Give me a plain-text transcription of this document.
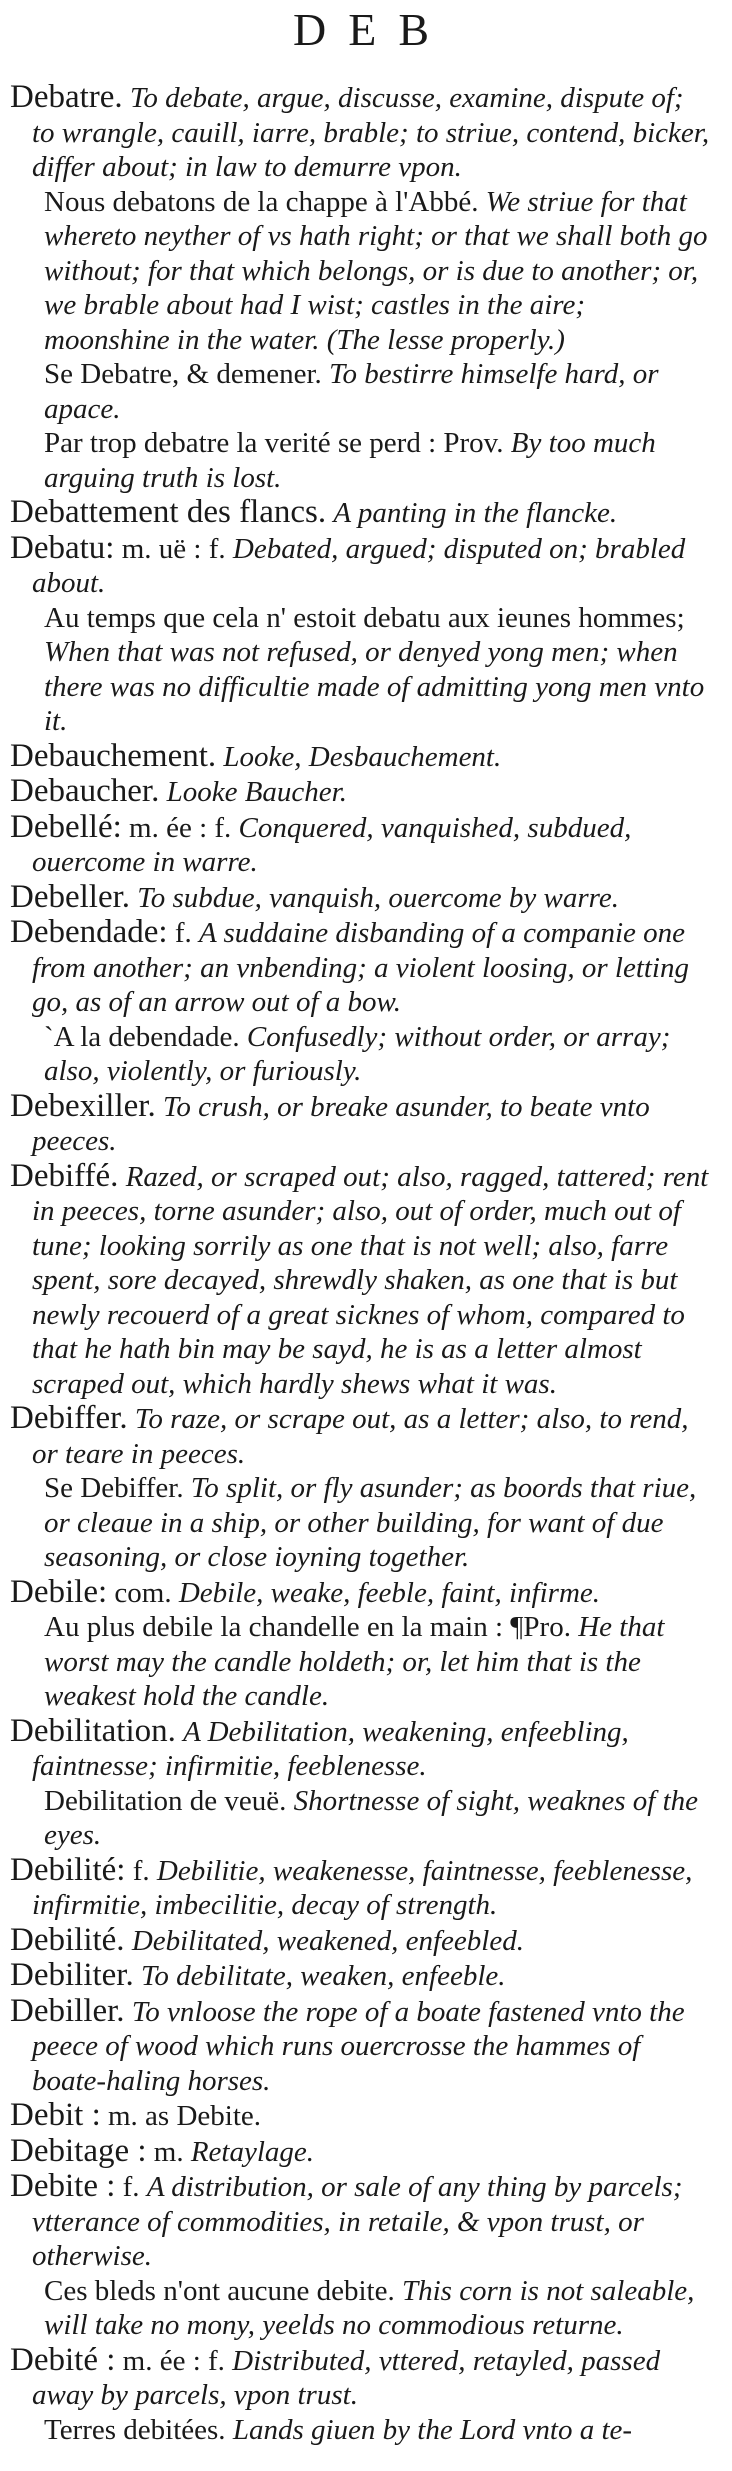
DEB

Debatre. To debate, argue, discusse, examine, dispute of; to wrangle, cauill, iarre, brable; to striue, contend, bicker, differ about; in law to demurre vpon.

Nous debatons de la chappe à l'Abbé. We striue for that whereto neyther of vs hath right; or that we shall both go without; for that which belongs, or is due to another; or, we brable about had I wist; castles in the aire; moonshine in the water. (The lesse properly.)

Se Debatre, & demener. To bestirre himselfe hard, or apace.

Par trop debatre la verité se perd : Prov. By too much arguing truth is lost.

Debattement des flancs. A panting in the flancke.

Debatu: m. uë : f. Debated, argued; disputed on; brabled about.

Au temps que cela n' estoit debatu aux ieunes hommes; When that was not refused, or denyed yong men; when there was no difficultie made of admitting yong men vnto it.

Debauchement. Looke, Desbauchement.

Debaucher. Looke Baucher.

Debellé: m. ée : f. Conquered, vanquished, subdued, ouercome in warre.

Debeller. To subdue, vanquish, ouercome by warre.

Debendade: f. A suddaine disbanding of a companie one from another; an vnbending; a violent loosing, or letting go, as of an arrow out of a bow.

`A la debendade. Confusedly; without order, or array; also, violently, or furiously.

Debexiller. To crush, or breake asunder, to beate vnto peeces.

Debiffé. Razed, or scraped out; also, ragged, tattered; rent in peeces, torne asunder; also, out of order, much out of tune; looking sorrily as one that is not well; also, farre spent, sore decayed, shrewdly shaken, as one that is but newly recouerd of a great sicknes of whom, compared to that he hath bin may be sayd, he is as a letter almost scraped out, which hardly shews what it was.

Debiffer. To raze, or scrape out, as a letter; also, to rend, or teare in peeces.

Se Debiffer. To split, or fly asunder; as boords that riue, or cleaue in a ship, or other building, for want of due seasoning, or close ioyning together.

Debile: com. Debile, weake, feeble, faint, infirme.

Au plus debile la chandelle en la main : ¶Pro. He that worst may the candle holdeth; or, let him that is the weakest hold the candle.

Debilitation. A Debilitation, weakening, enfeebling, faintnesse; infirmitie, feeblenesse.

Debilitation de veuë. Shortnesse of sight, weaknes of the eyes.

Debilité: f. Debilitie, weakenesse, faintnesse, feeblenesse, infirmitie, imbecilitie, decay of strength.

Debilité. Debilitated, weakened, enfeebled.

Debiliter. To debilitate, weaken, enfeeble.

Debiller. To vnloose the rope of a boate fastened vnto the peece of wood which runs ouercrosse the hammes of boate-haling horses.

Debit : m. as Debite.

Debitage : m. Retaylage.

Debite : f. A distribution, or sale of any thing by parcels; vtterance of commodities, in retaile, & vpon trust, or otherwise.

Ces bleds n'ont aucune debite. This corn is not saleable, will take no mony, yeelds no commodious returne.

Debité : m. ée : f. Distributed, vttered, retayled, passed away by parcels, vpon trust.

Terres debitées. Lands giuen by the Lord vnto a te-
